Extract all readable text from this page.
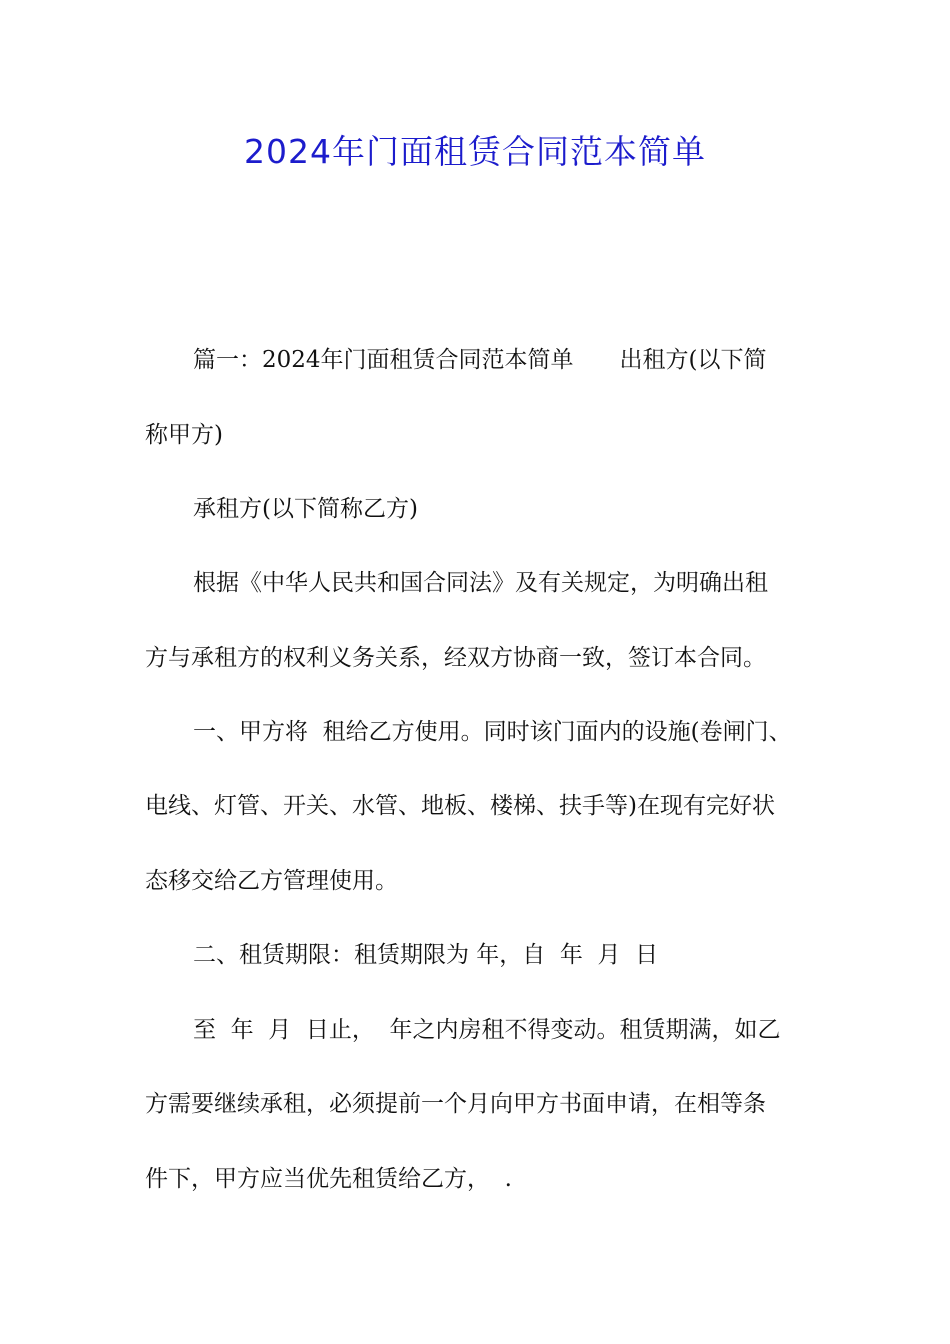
2024年门面租赁合同范本简单

篇一：2024年门面租赁合同范本简单　　出租方(以下简

称甲方)

承租方(以下简称乙方)

根据《中华人民共和国合同法》及有关规定，为明确出租

方与承租方的权利义务关系，经双方协商一致，签订本合同。

一、甲方将  租给乙方使用。同时该门面内的设施(卷闸门、

电线、灯管、开关、水管、地板、楼梯、扶手等)在现有完好状

态移交给乙方管理使用。

二、租赁期限：租赁期限为 年，自  年  月  日

至  年  月  日止，  年之内房租不得变动。租赁期满，如乙

方需要继续承租，必须提前一个月向甲方书面申请，在相等条

件下，甲方应当优先租赁给乙方，  .
